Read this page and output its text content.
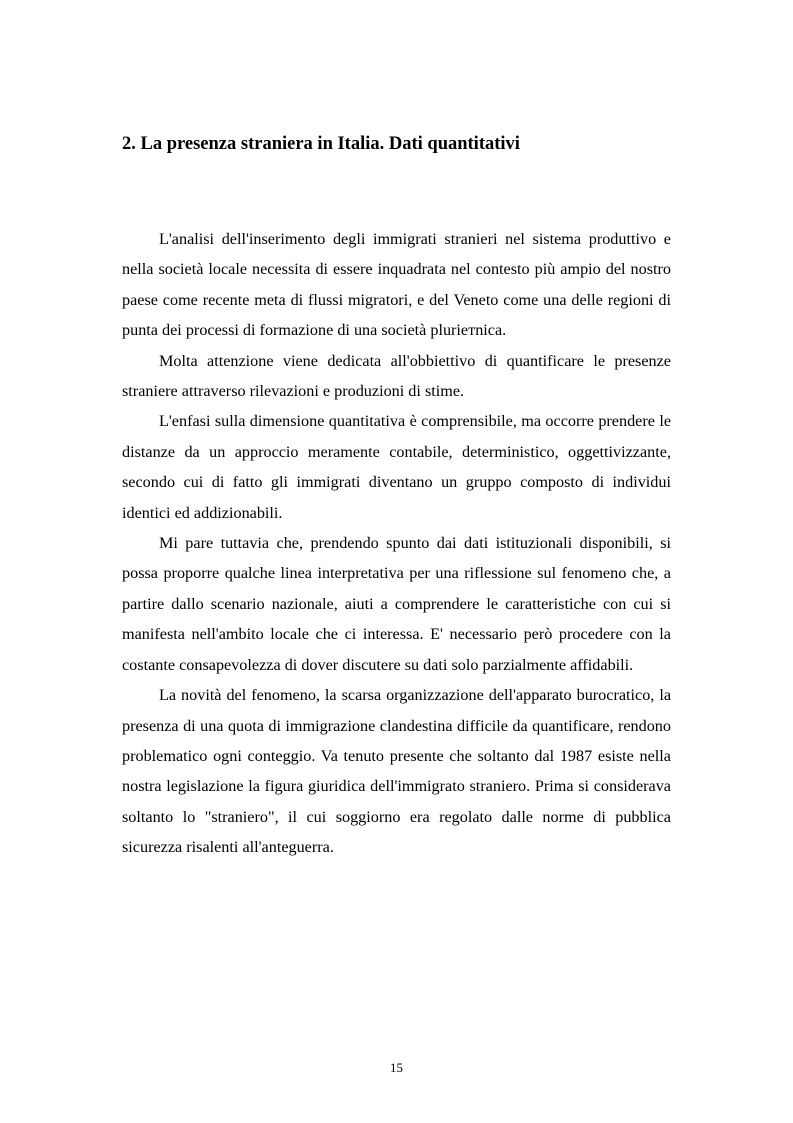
2. La presenza straniera in Italia. Dati quantitativi

L'analisi dell'inserimento degli immigrati stranieri nel sistema produttivo e nella società locale necessita di essere inquadrata nel contesto più ampio del nostro paese come recente meta di flussi migratori, e del Veneto come una delle regioni di punta dei processi di formazione di una società pluriетnica.

Molta attenzione viene dedicata all'obbiettivo di quantificare le presenze straniere attraverso rilevazioni e produzioni di stime.

L'enfasi sulla dimensione quantitativa è comprensibile, ma occorre prendere le distanze da un approccio meramente contabile, deterministico, oggettivizzante, secondo cui di fatto gli immigrati diventano un gruppo composto di individui identici ed addizionabili.

Mi pare tuttavia che, prendendo spunto dai dati istituzionali disponibili, si possa proporre qualche linea interpretativa per una riflessione sul fenomeno che, a partire dallo scenario nazionale, aiuti a comprendere le caratteristiche con cui si manifesta nell'ambito locale che ci interessa. E' necessario però procedere con la costante consapevolezza di dover discutere su dati solo parzialmente affidabili.

La novità del fenomeno, la scarsa organizzazione dell'apparato burocratico, la presenza di una quota di immigrazione clandestina difficile da quantificare, rendono problematico ogni conteggio. Va tenuto presente che soltanto dal 1987 esiste nella nostra legislazione la figura giuridica dell'immigrato straniero. Prima si considerava soltanto lo "straniero", il cui soggiorno era regolato dalle norme di pubblica sicurezza risalenti all'anteguerra.

15
